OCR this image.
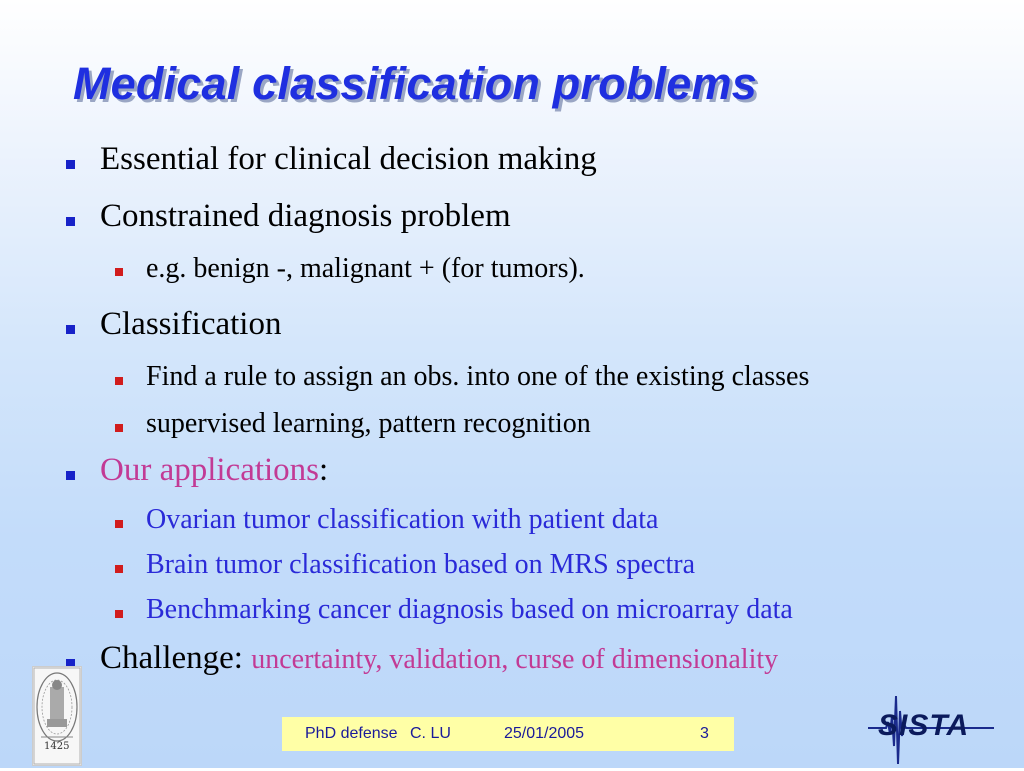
Medical classification problems
Essential for clinical decision making
Constrained diagnosis problem
e.g. benign -, malignant + (for tumors).
Classification
Find a rule to assign an obs. into one of the existing classes
supervised learning, pattern recognition
Our applications:
Ovarian tumor classification with patient data
Brain tumor classification based on MRS spectra
Benchmarking cancer diagnosis based on microarray data
Challenge: uncertainty, validation, curse of dimensionality
1425
PhD defense C. LU	25/01/2005	3	SISTA
